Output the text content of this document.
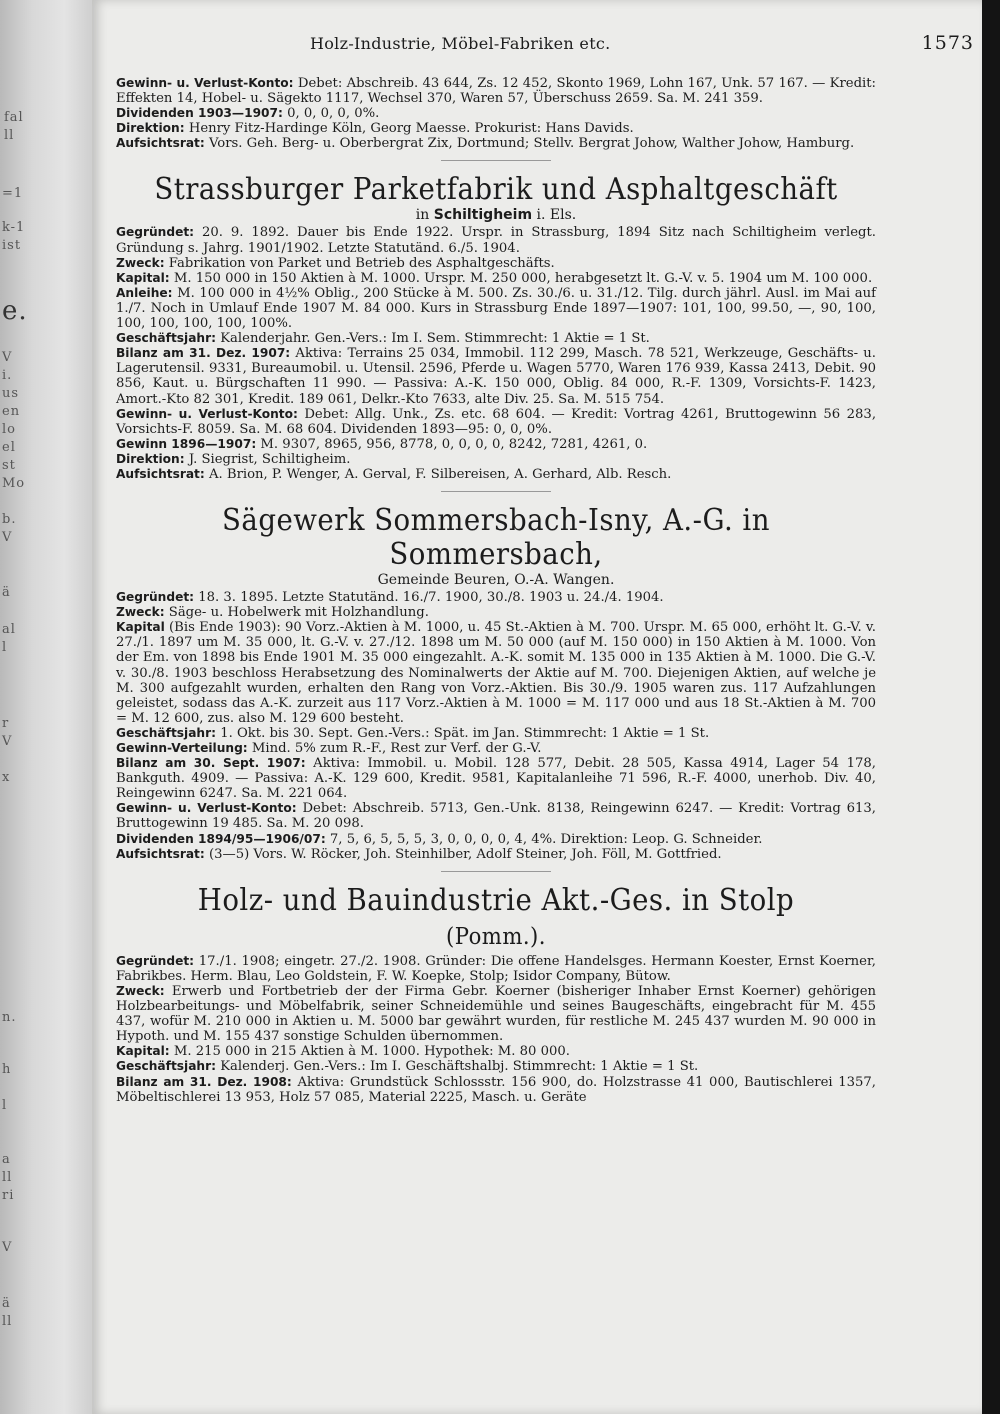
fal
ll
=1
k-1
ist
e.
V
i.
us
en
lo
el
st
Mo
b.
V
ä
al
l
r
V
x
n.
h
l
a
ll
ri
V
ä
ll
Holz-Industrie, Möbel-Fabriken etc.	1573

Gewinn- u. Verlust-Konto: Debet: Abschreib. 43 644, Zs. 12 452, Skonto 1969, Lohn 167, Unk. 57 167. — Kredit: Effekten 14, Hobel- u. Sägekto 1117, Wechsel 370, Waren 57, Überschuss 2659. Sa. M. 241 359.

Dividenden 1903—1907: 0, 0, 0, 0, 0%.

Direktion: Henry Fitz-Hardinge Köln, Georg Maesse. Prokurist: Hans Davids.

Aufsichtsrat: Vors. Geh. Berg- u. Oberbergrat Zix, Dortmund; Stellv. Bergrat Johow, Walther Johow, Hamburg.

Strassburger Parketfabrik und Asphaltgeschäft

in Schiltigheim i. Els.

Gegründet: 20. 9. 1892. Dauer bis Ende 1922. Urspr. in Strassburg, 1894 Sitz nach Schiltigheim verlegt. Gründung s. Jahrg. 1901/1902. Letzte Statutänd. 6./5. 1904.

Zweck: Fabrikation von Parket und Betrieb des Asphaltgeschäfts.

Kapital: M. 150 000 in 150 Aktien à M. 1000. Urspr. M. 250 000, herabgesetzt lt. G.-V. v. 5. 1904 um M. 100 000.

Anleihe: M. 100 000 in 4½% Oblig., 200 Stücke à M. 500. Zs. 30./6. u. 31./12. Tilg. durch jährl. Ausl. im Mai auf 1./7. Noch in Umlauf Ende 1907 M. 84 000. Kurs in Strassburg Ende 1897—1907: 101, 100, 99.50, —, 90, 100, 100, 100, 100, 100, 100%.

Geschäftsjahr: Kalenderjahr. Gen.-Vers.: Im I. Sem. Stimmrecht: 1 Aktie = 1 St.

Bilanz am 31. Dez. 1907: Aktiva: Terrains 25 034, Immobil. 112 299, Masch. 78 521, Werkzeuge, Geschäfts- u. Lagerutensil. 9331, Bureaumobil. u. Utensil. 2596, Pferde u. Wagen 5770, Waren 176 939, Kassa 2413, Debit. 90 856, Kaut. u. Bürgschaften 11 990. — Passiva: A.-K. 150 000, Oblig. 84 000, R.-F. 1309, Vorsichts-F. 1423, Amort.-Kto 82 301, Kredit. 189 061, Delkr.-Kto 7633, alte Div. 25. Sa. M. 515 754.

Gewinn- u. Verlust-Konto: Debet: Allg. Unk., Zs. etc. 68 604. — Kredit: Vortrag 4261, Bruttogewinn 56 283, Vorsichts-F. 8059. Sa. M. 68 604. Dividenden 1893—95: 0, 0, 0%.

Gewinn 1896—1907: M. 9307, 8965, 956, 8778, 0, 0, 0, 0, 8242, 7281, 4261, 0.

Direktion: J. Siegrist, Schiltigheim.

Aufsichtsrat: A. Brion, P. Wenger, A. Gerval, F. Silbereisen, A. Gerhard, Alb. Resch.

Sägewerk Sommersbach-Isny, A.-G. in Sommersbach,

Gemeinde Beuren, O.-A. Wangen.

Gegründet: 18. 3. 1895. Letzte Statutänd. 16./7. 1900, 30./8. 1903 u. 24./4. 1904.

Zweck: Säge- u. Hobelwerk mit Holzhandlung.

Kapital (Bis Ende 1903): 90 Vorz.-Aktien à M. 1000, u. 45 St.-Aktien à M. 700. Urspr. M. 65 000, erhöht lt. G.-V. v. 27./1. 1897 um M. 35 000, lt. G.-V. v. 27./12. 1898 um M. 50 000 (auf M. 150 000) in 150 Aktien à M. 1000. Von der Em. von 1898 bis Ende 1901 M. 35 000 eingezahlt. A.-K. somit M. 135 000 in 135 Aktien à M. 1000. Die G.-V. v. 30./8. 1903 beschloss Herabsetzung des Nominalwerts der Aktie auf M. 700. Diejenigen Aktien, auf welche je M. 300 aufgezahlt wurden, erhalten den Rang von Vorz.-Aktien. Bis 30./9. 1905 waren zus. 117 Aufzahlungen geleistet, sodass das A.-K. zurzeit aus 117 Vorz.-Aktien à M. 1000 = M. 117 000 und aus 18 St.-Aktien à M. 700 = M. 12 600, zus. also M. 129 600 besteht.

Geschäftsjahr: 1. Okt. bis 30. Sept. Gen.-Vers.: Spät. im Jan. Stimmrecht: 1 Aktie = 1 St.

Gewinn-Verteilung: Mind. 5% zum R.-F., Rest zur Verf. der G.-V.

Bilanz am 30. Sept. 1907: Aktiva: Immobil. u. Mobil. 128 577, Debit. 28 505, Kassa 4914, Lager 54 178, Bankguth. 4909. — Passiva: A.-K. 129 600, Kredit. 9581, Kapitalanleihe 71 596, R.-F. 4000, unerhob. Div. 40, Reingewinn 6247. Sa. M. 221 064.

Gewinn- u. Verlust-Konto: Debet: Abschreib. 5713, Gen.-Unk. 8138, Reingewinn 6247. — Kredit: Vortrag 613, Bruttogewinn 19 485. Sa. M. 20 098.

Dividenden 1894/95—1906/07: 7, 5, 6, 5, 5, 5, 3, 0, 0, 0, 0, 4, 4%. Direktion: Leop. G. Schneider.

Aufsichtsrat: (3—5) Vors. W. Röcker, Joh. Steinhilber, Adolf Steiner, Joh. Föll, M. Gottfried.

Holz- und Bauindustrie Akt.-Ges. in Stolp (Pomm.).

Gegründet: 17./1. 1908; eingetr. 27./2. 1908. Gründer: Die offene Handelsges. Hermann Koester, Ernst Koerner, Fabrikbes. Herm. Blau, Leo Goldstein, F. W. Koepke, Stolp; Isidor Company, Bütow.

Zweck: Erwerb und Fortbetrieb der der Firma Gebr. Koerner (bisheriger Inhaber Ernst Koerner) gehörigen Holzbearbeitungs- und Möbelfabrik, seiner Schneidemühle und seines Baugeschäfts, eingebracht für M. 455 437, wofür M. 210 000 in Aktien u. M. 5000 bar gewährt wurden, für restliche M. 245 437 wurden M. 90 000 in Hypoth. und M. 155 437 sonstige Schulden übernommen.

Kapital: M. 215 000 in 215 Aktien à M. 1000. Hypothek: M. 80 000.

Geschäftsjahr: Kalenderj. Gen.-Vers.: Im I. Geschäftshalbj. Stimmrecht: 1 Aktie = 1 St.

Bilanz am 31. Dez. 1908: Aktiva: Grundstück Schlossstr. 156 900, do. Holzstrasse 41 000, Bautischlerei 1357, Möbeltischlerei 13 953, Holz 57 085, Material 2225, Masch. u. Geräte
